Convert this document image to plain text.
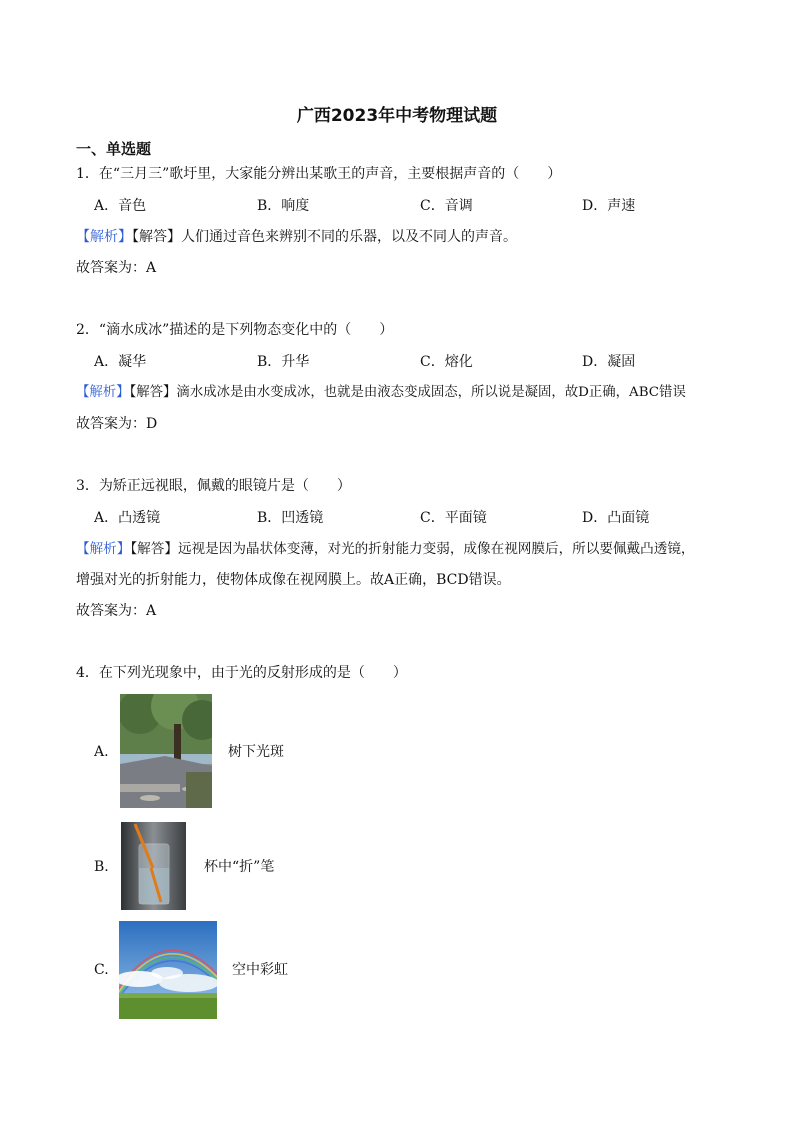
广西2023年中考物理试题
一、单选题
1．在“三月三”歌圩里，大家能分辨出某歌王的声音，主要根据声音的（　　）
A．音色	B．响度	C．音调	D．声速
【解析】【解答】人们通过音色来辨别不同的乐器，以及不同人的声音。
故答案为：A
2．“滴水成冰”描述的是下列物态变化中的（　　）
A．凝华	B．升华	C．熔化	D．凝固
【解析】【解答】滴水成冰是由水变成冰，也就是由液态变成固态，所以说是凝固，故D正确，ABC错误
故答案为：D
3．为矫正远视眼，佩戴的眼镜片是（　　）
A．凸透镜	B．凹透镜	C．平面镜	D．凸面镜
【解析】【解答】远视是因为晶状体变薄，对光的折射能力变弱，成像在视网膜后，所以要佩戴凸透镜，
增强对光的折射能力，使物体成像在视网膜上。故A正确，BCD错误。
故答案为：A
4．在下列光现象中，由于光的反射形成的是（　　）
A.	树下光斑
B.	杯中“折”笔
C.	空中彩虹
